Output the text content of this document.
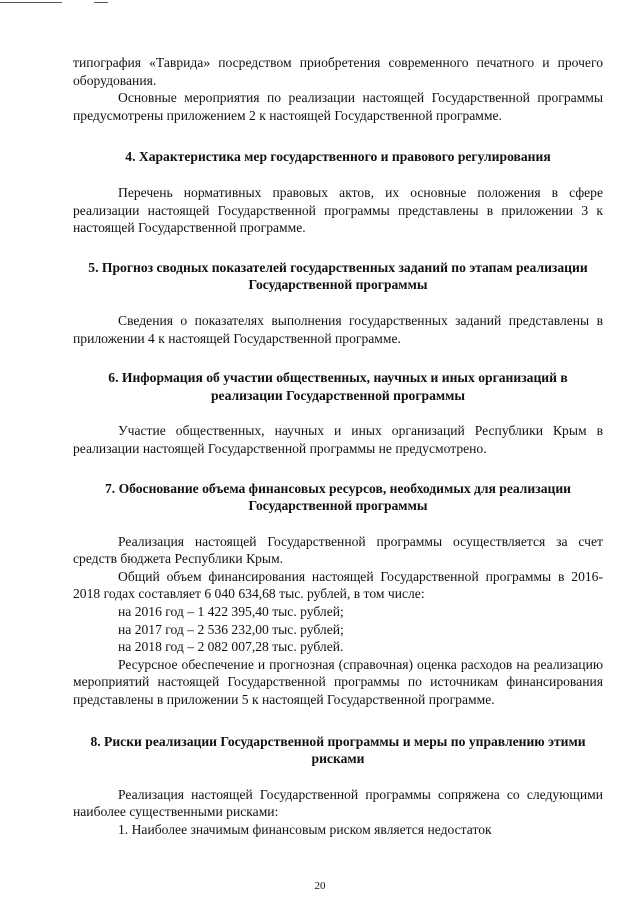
типография «Таврида» посредством приобретения современного печатного и прочего оборудования.

Основные мероприятия по реализации настоящей Государственной программы предусмотрены приложением 2 к настоящей Государственной программе.

4. Характеристика мер государственного и правового регулирования

Перечень нормативных правовых актов, их основные положения в сфере реализации настоящей Государственной программы представлены в приложении 3 к настоящей Государственной программе.

5. Прогноз сводных показателей государственных заданий по этапам реализации Государственной программы

Сведения о показателях выполнения государственных заданий представлены в приложении 4 к настоящей Государственной программе.

6. Информация об участии общественных, научных и иных организаций в реализации Государственной программы

Участие общественных, научных и иных организаций Республики Крым в реализации настоящей Государственной программы не предусмотрено.

7. Обоснование объема финансовых ресурсов, необходимых для реализации Государственной программы

Реализация настоящей Государственной программы осуществляется за счет средств бюджета Республики Крым.

Общий объем финансирования настоящей Государственной программы в 2016-2018 годах составляет 6 040 634,68 тыс. рублей, в том числе:

на 2016 год – 1 422 395,40 тыс. рублей;

на 2017 год – 2 536 232,00 тыс. рублей;

на 2018 год – 2 082 007,28 тыс. рублей.

Ресурсное обеспечение и прогнозная (справочная) оценка расходов на реализацию мероприятий настоящей Государственной программы по источникам финансирования представлены в приложении 5 к настоящей Государственной программе.

8. Риски реализации Государственной программы и меры по управлению этими рисками

Реализация настоящей Государственной программы сопряжена со следующими наиболее существенными рисками:

1. Наиболее значимым финансовым риском является недостаток

20
